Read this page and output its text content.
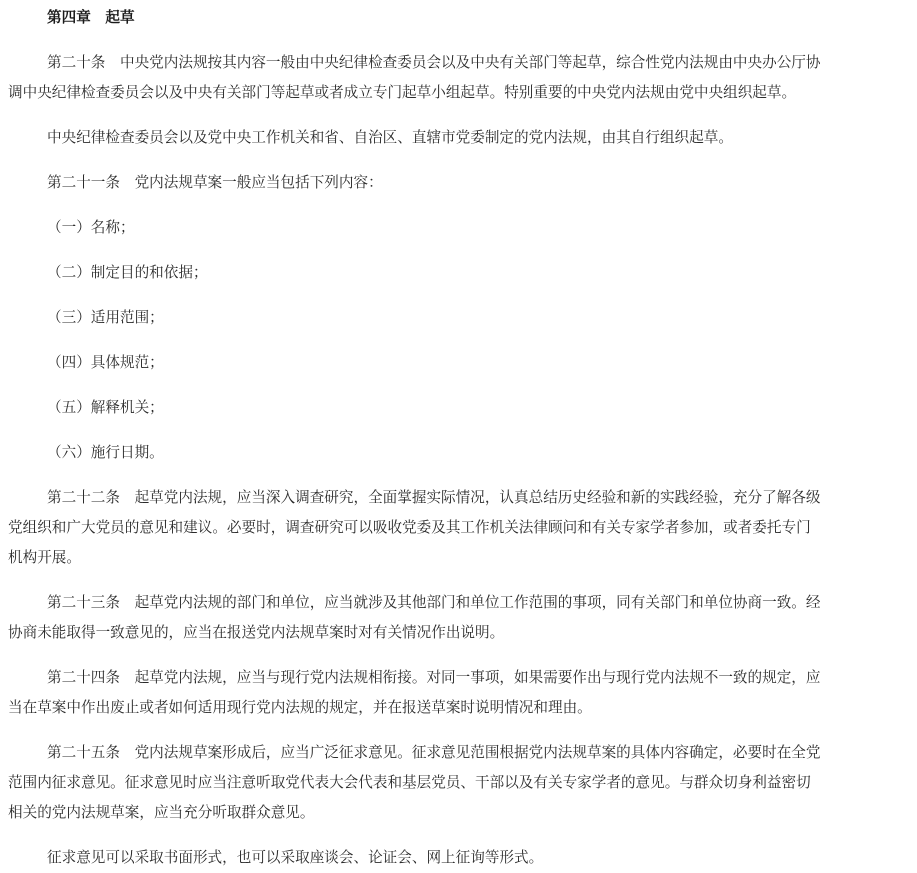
第四章　起草
第二十条　中央党内法规按其内容一般由中央纪律检查委员会以及中央有关部门等起草，综合性党内法规由中央办公厅协
调中央纪律检查委员会以及中央有关部门等起草或者成立专门起草小组起草。特别重要的中央党内法规由党中央组织起草。
中央纪律检查委员会以及党中央工作机关和省、自治区、直辖市党委制定的党内法规，由其自行组织起草。
第二十一条　党内法规草案一般应当包括下列内容：
（一）名称；
（二）制定目的和依据；
（三）适用范围；
（四）具体规范；
（五）解释机关；
（六）施行日期。
第二十二条　起草党内法规，应当深入调查研究，全面掌握实际情况，认真总结历史经验和新的实践经验，充分了解各级
党组织和广大党员的意见和建议。必要时，调查研究可以吸收党委及其工作机关法律顾问和有关专家学者参加，或者委托专门
机构开展。
第二十三条　起草党内法规的部门和单位，应当就涉及其他部门和单位工作范围的事项，同有关部门和单位协商一致。经
协商未能取得一致意见的，应当在报送党内法规草案时对有关情况作出说明。
第二十四条　起草党内法规，应当与现行党内法规相衔接。对同一事项，如果需要作出与现行党内法规不一致的规定，应
当在草案中作出废止或者如何适用现行党内法规的规定，并在报送草案时说明情况和理由。
第二十五条　党内法规草案形成后，应当广泛征求意见。征求意见范围根据党内法规草案的具体内容确定，必要时在全党
范围内征求意见。征求意见时应当注意听取党代表大会代表和基层党员、干部以及有关专家学者的意见。与群众切身利益密切
相关的党内法规草案，应当充分听取群众意见。
征求意见可以采取书面形式，也可以采取座谈会、论证会、网上征询等形式。
